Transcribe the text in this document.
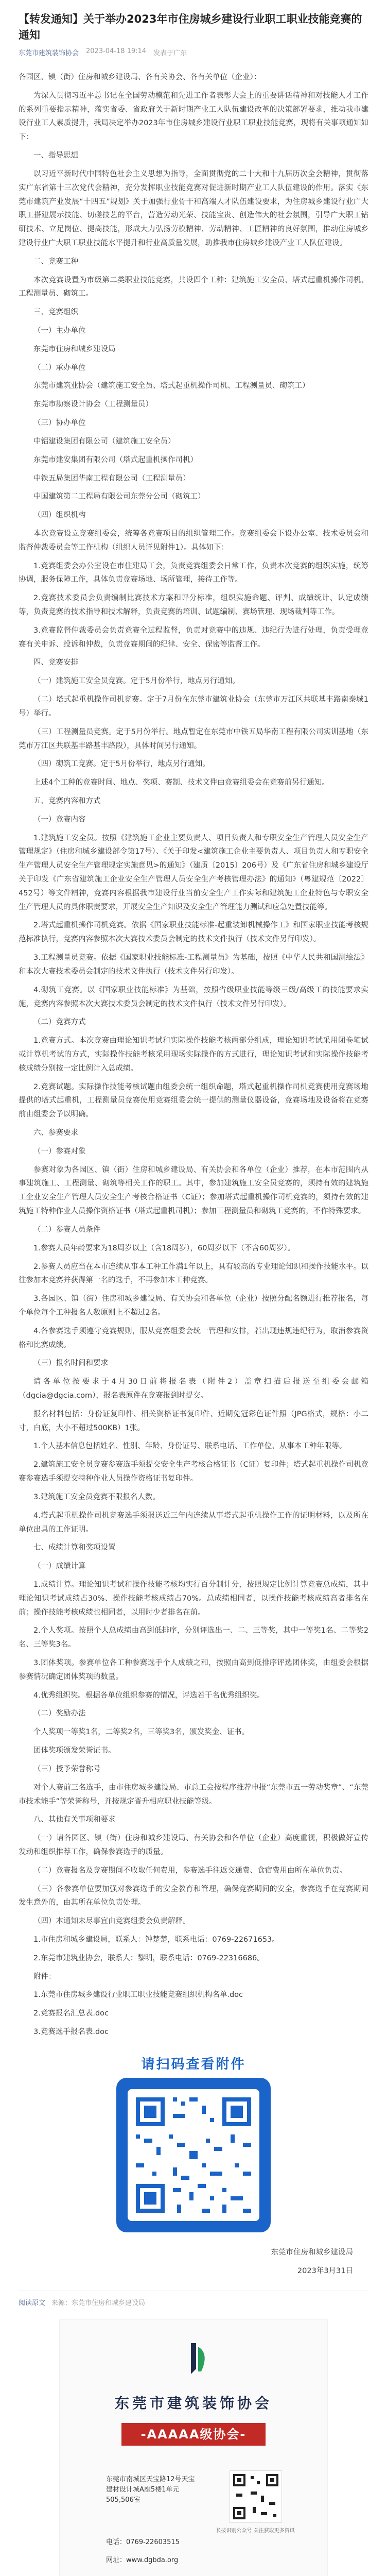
【转发通知】关于举办2023年市住房城乡建设行业职工职业技能竞赛的通知
东莞市建筑装饰协会 2023-04-18 19:14 发表于广东

各园区、镇（街）住房和城乡建设局、各有关协会、各有关单位（企业）：

为深入贯彻习近平总书记在全国劳动模范和先进工作者表彰大会上的重要讲话精神和对技能人才工作的系列重要指示精神，落实省委、省政府关于新时期产业工人队伍建设改革的决策部署要求，推动我市建设行业工人素质提升，我局决定举办2023年市住房城乡建设行业职工职业技能竞赛，现将有关事项通知如下：

一、指导思想

以习近平新时代中国特色社会主义思想为指导，全面贯彻党的二十大和十九届历次全会精神，贯彻落实广东省第十三次党代会精神，充分发挥职业技能竞赛对促进新时期产业工人队伍建设的作用。落实《东莞市建筑产业发展“十四五”规划》关于加强行业骨干和高端人才队伍建设要求，为住房城乡建设行业广大职工搭建展示技能、切磋技艺的平台，营造劳动光荣、技能宝贵、创造伟大的社会氛围，引导广大职工钻研技术、立足岗位、提高技能，形成大力弘扬劳模精神、劳动精神、工匠精神的良好氛围，推动住房城乡建设行业广大职工职业技能水平提升和行业高质量发展，助推我市住房城乡建设产业工人队伍建设。

二、竞赛工种

本次竞赛设置为市级第二类职业技能竞赛，共设四个工种：建筑施工安全员、塔式起重机操作司机、工程测量员、砌筑工。

三、竞赛组织

（一）主办单位

东莞市住房和城乡建设局

（二）承办单位

东莞市建筑业协会（建筑施工安全员、塔式起重机操作司机、工程测量员、砌筑工）

东莞市勘察设计协会（工程测量员）

（三）协办单位

中铝建设集团有限公司（建筑施工安全员）

东莞市建安集团有限公司（塔式起重机操作司机）

中铁五局集团华南工程有限公司（工程测量员）

中国建筑第二工程局有限公司东莞分公司（砌筑工）

（四）组织机构

本次竞赛设立竞赛组委会，统筹各竞赛项目的组织管理工作。竞赛组委会下设办公室、技术委员会和监督仲裁委员会等工作机构（组织人员详见附件1）。具体如下：

1.竞赛组委会办公室设在市住建局工会，负责竞赛组委会日常工作，负责本次竞赛的组织实施，统筹协调，服务保障工作，具体负责竞赛场地、场所管理，接待工作等。

2.竞赛技术委员会负责编制比赛技术方案和评分标准，组织实施命题、评判、成绩统计、认定成绩等，负责竞赛的技术指导和技术解释，负责竞赛的培训、试题编制、赛场管理、现场裁判等工作。

3.竞赛监督仲裁委员会负责竞赛全过程监督，负责对竞赛中的违规、违纪行为进行处理，负责受理竞赛有关申诉、投诉和仲裁，负责竞赛期间的纪律、安全、保密等监督工作。

四、竞赛安排

（一）建筑施工安全员竞赛。定于5月份举行，地点另行通知。

（二）塔式起重机操作司机竞赛。定于7月份在东莞市建筑业协会（东莞市万江区共联基丰路南泰城1号）举行。

（三）工程测量员竞赛。定于5月份举行。地点暂定在东莞市中铁五局华南工程有限公司实训基地（东莞市万江区共联基丰路基丰路段），具体时间另行通知。

（四）砌筑工竞赛。定于5月份举行，地点另行通知。

上述4个工种的竞赛时间、地点、奖项、赛制、技术文件由竞赛组委会在竞赛前另行通知。

五、竞赛内容和方式

（一）竞赛内容

1.建筑施工安全员。按照《建筑施工企业主要负责人、项目负责人和专职安全生产管理人员安全生产管理规定》（住房和城乡建设部令第17号）、《关于印发<建筑施工企业主要负责人、项目负责人和专职安全生产管理人员安全生产管理规定实施意见>的通知》（建质〔2015〕206号）及《广东省住房和城乡建设厅关于印发《广东省建筑施工企业安全生产管理人员安全生产考核管理办法》的通知》（粤建规范〔2022〕452号）等文件精神，竞赛内容根据我市建设行业当前安全生产工作实际和建筑施工企业特色与专职安全生产管理人员的具体职责要求，开展安全生产知识及安全生产管理能力测试和应急处置技能等。

2.塔式起重机操作司机竞赛。依据《国家职业技能标准-起重装卸机械操作工》和国家职业技能考核规范标准执行，竞赛内容参照本次大赛技术委员会制定的技术文件执行（技术文件另行印发）。

3.工程测量员竞赛。依据《国家职业技能标准-工程测量员》为基础，按照《中华人民共和国测绘法》和本次大赛技术委员会制定的技术文件执行（技术文件另行印发）。

4.砌筑工竞赛。以《国家职业技能标准》为基础，按照省级职业技能等级三级/高级工的技能要求实施，竞赛内容参照本次大赛技术委员会制定的技术文件执行（技术文件另行印发）。

（二）竞赛方式

1.竞赛方式。本次竞赛由理论知识考试和实际操作技能考核两部分组成，理论知识考试采用闭卷笔试或计算机考试的方式，实际操作技能考核采用现场实际操作的方式进行，理论知识考试和实际操作技能考核成绩分别按一定比例计入总成绩。

2.竞赛试题。实际操作技能考核试题由组委会统一组织命题，塔式起重机操作司机竞赛使用竞赛场地提供的塔式起重机，工程测量员竞赛使用竞赛组委会统一提供的测量仪器设备，竞赛场地及设备将在竞赛前由组委会予以明确。

六、参赛要求

（一）参赛对象

参赛对象为各园区、镇（街）住房和城乡建设局、有关协会和各单位（企业）推荐，在本市范围内从事建筑施工、工程测量、砌筑等相关工作的职工。其中，参加建筑施工安全员竞赛的，须持有效的建筑施工企业安全生产管理人员安全生产考核合格证书（C证）；参加塔式起重机操作司机竞赛的，须持有效的建筑施工特种作业人员操作资格证书（塔式起重机司机）；参加工程测量员和砌筑工竞赛的，不作特殊要求。

（二）参赛人员条件

1.参赛人员年龄要求为18周岁以上（含18周岁），60周岁以下（不含60周岁）。

2.参赛人员应当在本市连续从事本工种工作满1年以上，具有较高的专业理论知识和操作技能水平。以往参加本竞赛并获得第一名的选手，不再参加本工种竞赛。

3.各园区、镇（街）住房和城乡建设局、有关协会和各单位（企业）按照分配名额进行推荐报名，每个单位每个工种报名人数原则上不超过2名。

4.各参赛选手须遵守竞赛规则，服从竞赛组委会统一管理和安排，若出现违规违纪行为，取消参赛资格和比赛成绩。

（三）报名时间和要求

请各单位按要求于4月30日前将报名表（附件2）盖章扫描后报送至组委会邮箱（dgcia@dgcia.com），报名表原件在竞赛报到时提交。

报名材料包括：身份证复印件、相关资格证书复印件、近期免冠彩色证件照（JPG格式，规格：小二寸，白底，大小不超过500KB）1张。

1.个人基本信息包括姓名、性别、年龄、身份证号、联系电话、工作单位、从事本工种年限等。

2.建筑施工安全员竞赛参赛选手须提交安全生产考核合格证书（C证）复印件；塔式起重机操作司机竞赛参赛选手须提交特种作业人员操作资格证书复印件。

3.建筑施工安全员竞赛不限报名人数。

4.塔式起重机操作司机竞赛选手须报送近三年内连续从事塔式起重机操作工作的证明材料，以及所在单位出具的工作证明。

七、成绩计算和奖项设置

（一）成绩计算

1.成绩计算。理论知识考试和操作技能考核均实行百分制计分，按照规定比例计算竞赛总成绩，其中理论知识考试成绩占30%、操作技能考核成绩占70%。总成绩相同者，以操作技能考核成绩高者排名在前；操作技能考核成绩也相同者，以用时少者排名在前。

2.个人奖项。按照个人总成绩由高到低排序，分别评选出一、二、三等奖，其中一等奖1名、二等奖2名、三等奖3名。

3.团体奖项。参赛单位各工种参赛选手个人成绩之和，按照由高到低排序评选团体奖，由组委会根据参赛情况确定团体奖项的数量。

4.优秀组织奖。根据各单位组织参赛的情况，评选若干名优秀组织奖。

（二）奖励办法

个人奖项一等奖1名，二等奖2名，三等奖3名，颁发奖金、证书。

团体奖项颁发荣誉证书。

（三）授予荣誉称号

对个人赛前三名选手，由市住房城乡建设局、市总工会按程序推荐申报“东莞市五一劳动奖章”、“东莞市技术能手”等荣誉称号，并按规定晋升相应职业技能等级。

八、其他有关事项和要求

（一）请各园区、镇（街）住房和城乡建设局、有关协会和各单位（企业）高度重视，积极做好宣传发动和组织推荐工作，确保参赛选手的质量。

（二）竞赛报名及竞赛期间不收取任何费用，参赛选手往返交通费、食宿费用由所在单位负责。

（三）各参赛单位要加强对参赛选手的安全教育和管理，确保竞赛期间的安全，参赛选手在竞赛期间发生意外的，由其所在单位负责处理。

（四）本通知未尽事宜由竞赛组委会负责解释。

1.市住房和城乡建设局，联系人：钟楚楚，联系电话：0769-22671653。

2.东莞市建筑业协会，联系人：黎明，联系电话：0769-22316686。

附件：

1.东莞市住房城乡建设行业职工职业技能竞赛组织机构名单.doc

2.竞赛报名汇总表.doc

3.竞赛选手报名表.doc

请扫码查看附件

东莞市住房和城乡建设局

2023年3月31日

阅读原文 来源：东莞市住房和城乡建设局
东莞市建筑装饰协会
-AAAAA级协会-
东莞市南城区天宝路12号天宝建材设计城A座5楼1单元505,506室
长按识别公众号 关注获取更多资讯
电话：0769-22603515
网址：www.dgbda.org
